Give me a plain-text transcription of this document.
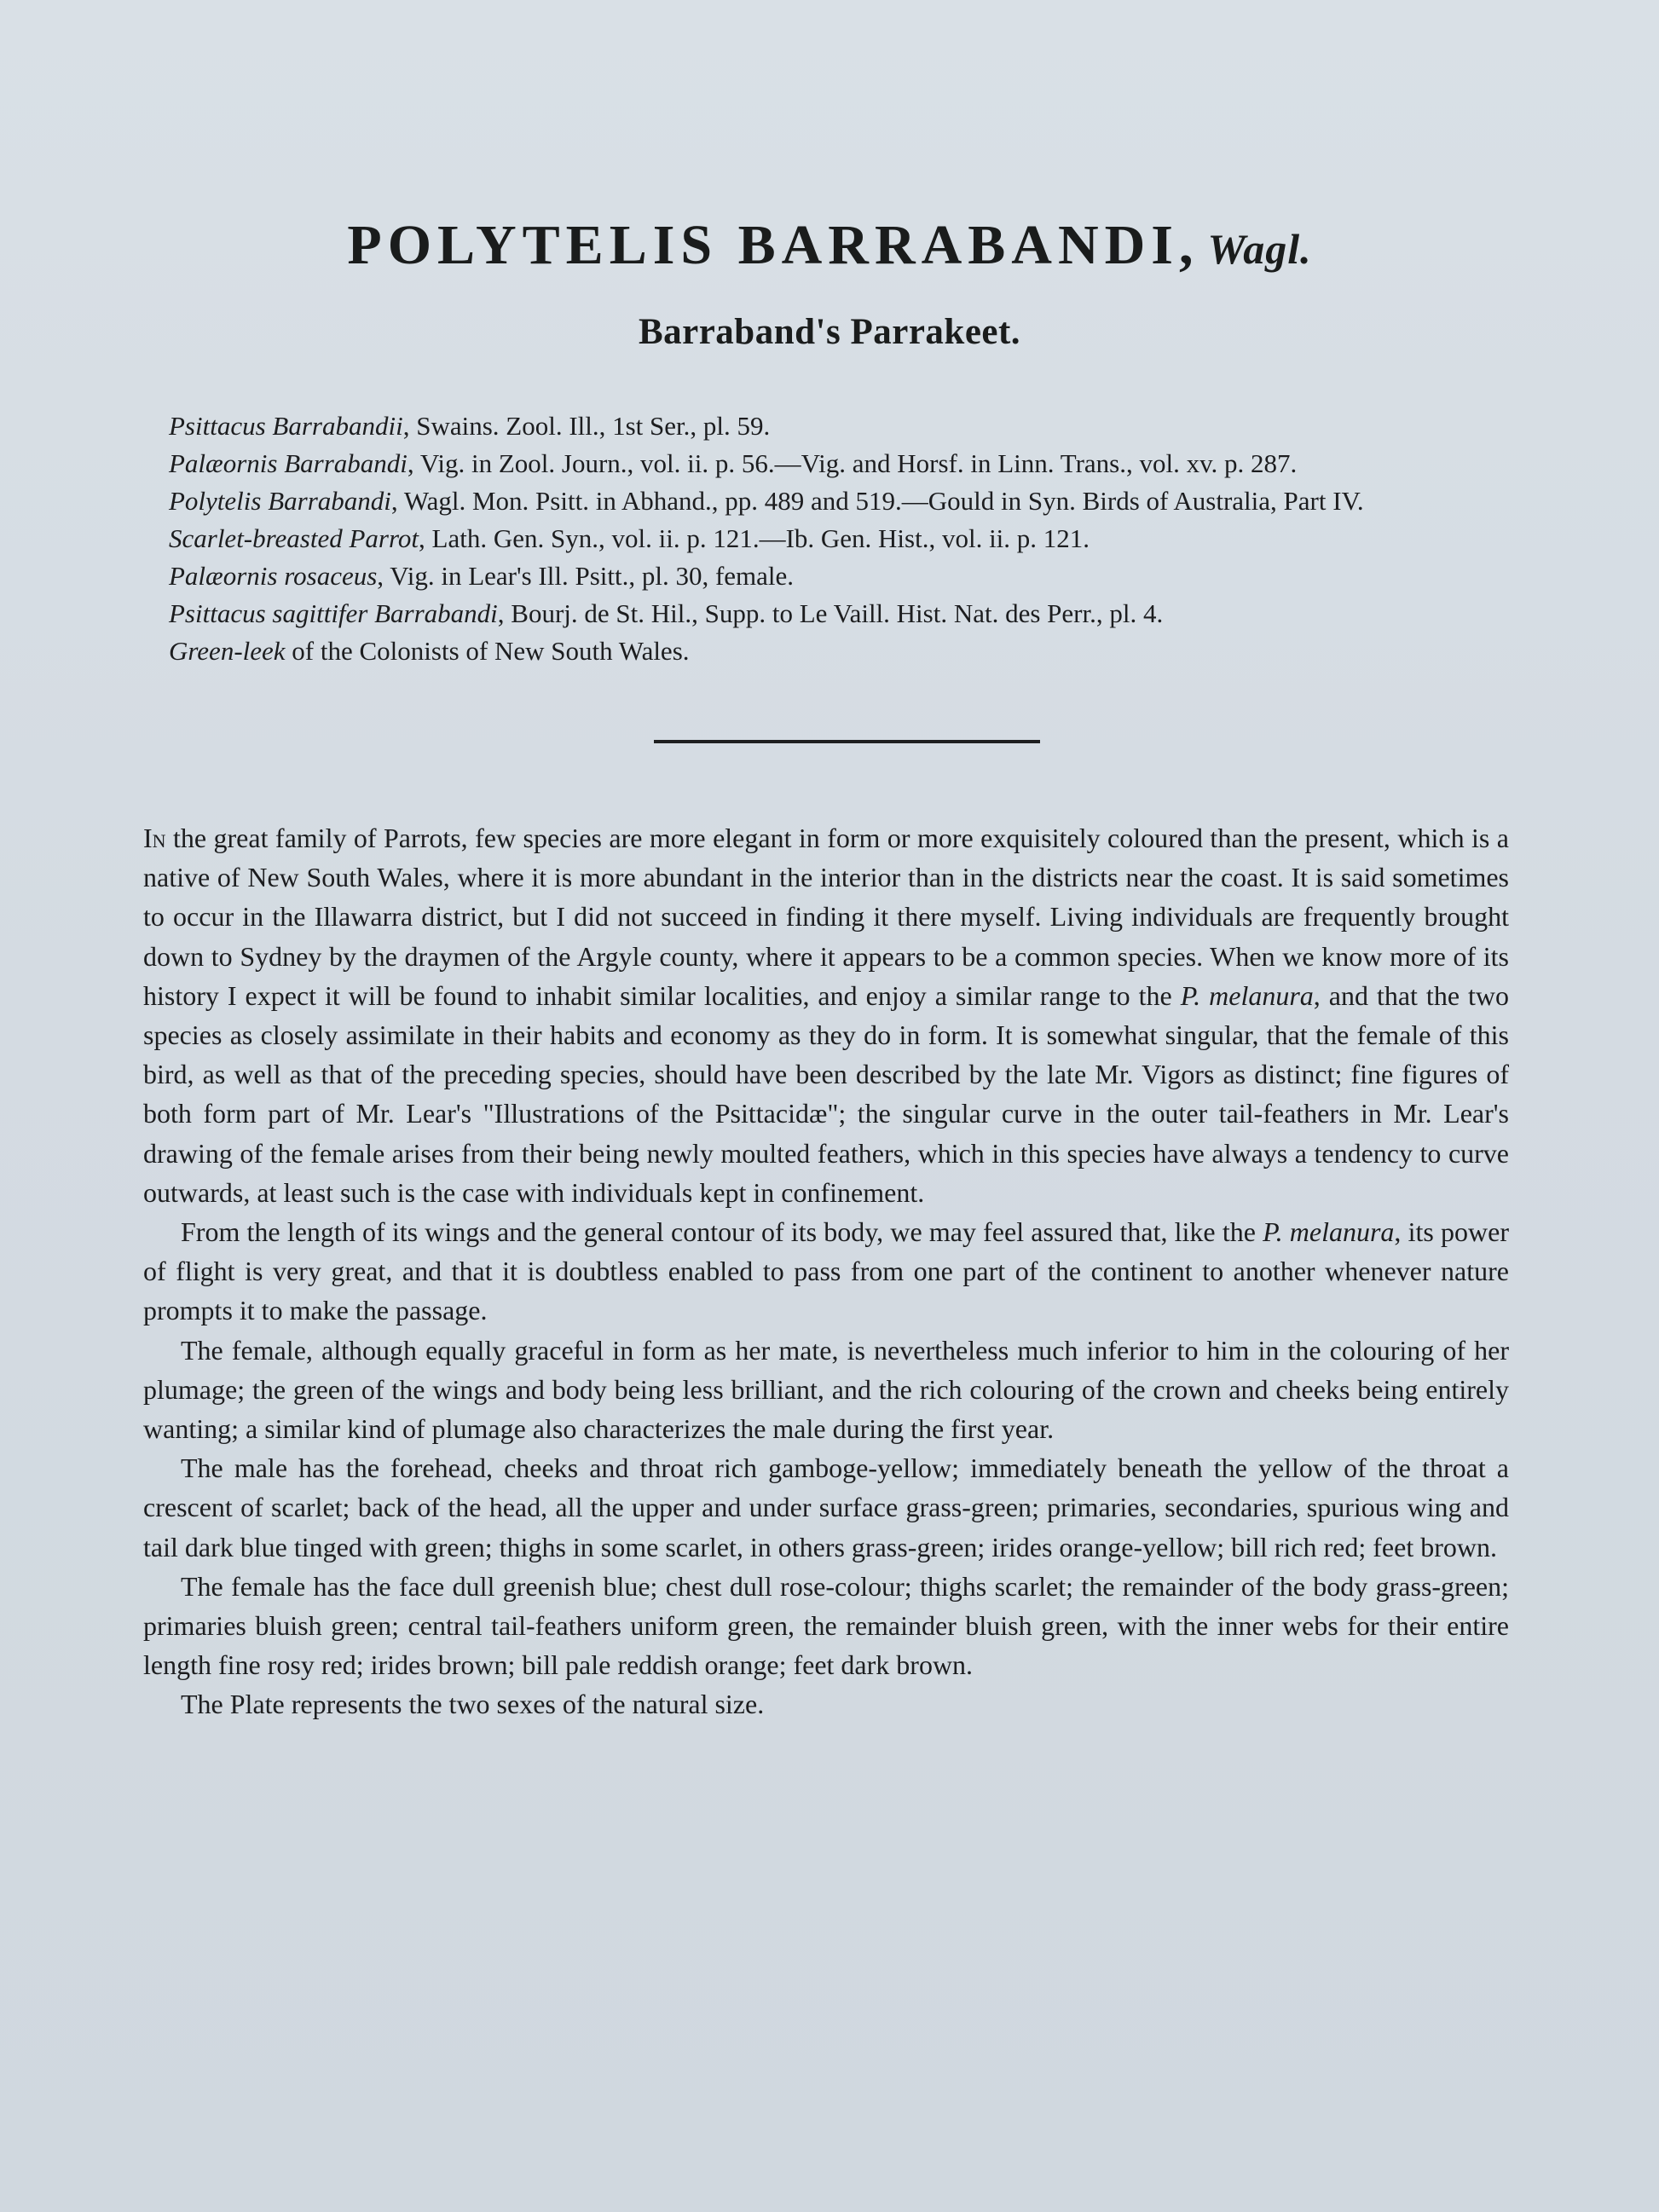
POLYTELIS BARRABANDI, Wagl.
Barraband's Parrakeet.
Psittacus Barrabandii, Swains. Zool. Ill., 1st Ser., pl. 59.
Palæornis Barrabandi, Vig. in Zool. Journ., vol. ii. p. 56.—Vig. and Horsf. in Linn. Trans., vol. xv. p. 287.
Polytelis Barrabandi, Wagl. Mon. Psitt. in Abhand., pp. 489 and 519.—Gould in Syn. Birds of Australia, Part IV.
Scarlet-breasted Parrot, Lath. Gen. Syn., vol. ii. p. 121.—Ib. Gen. Hist., vol. ii. p. 121.
Palæornis rosaceus, Vig. in Lear's Ill. Psitt., pl. 30, female.
Psittacus sagittifer Barrabandi, Bourj. de St. Hil., Supp. to Le Vaill. Hist. Nat. des Perr., pl. 4.
Green-leek of the Colonists of New South Wales.

In the great family of Parrots, few species are more elegant in form or more exquisitely coloured than the present, which is a native of New South Wales, where it is more abundant in the interior than in the districts near the coast. It is said sometimes to occur in the Illawarra district, but I did not succeed in finding it there myself. Living individuals are frequently brought down to Sydney by the draymen of the Argyle county, where it appears to be a common species. When we know more of its history I expect it will be found to inhabit similar localities, and enjoy a similar range to the P. melanura, and that the two species as closely assimilate in their habits and economy as they do in form. It is somewhat singular, that the female of this bird, as well as that of the preceding species, should have been described by the late Mr. Vigors as distinct; fine figures of both form part of Mr. Lear's "Illustrations of the Psittacidæ"; the singular curve in the outer tail-feathers in Mr. Lear's drawing of the female arises from their being newly moulted feathers, which in this species have always a tendency to curve outwards, at least such is the case with individuals kept in confinement.

From the length of its wings and the general contour of its body, we may feel assured that, like the P. melanura, its power of flight is very great, and that it is doubtless enabled to pass from one part of the continent to another whenever nature prompts it to make the passage.

The female, although equally graceful in form as her mate, is nevertheless much inferior to him in the colouring of her plumage; the green of the wings and body being less brilliant, and the rich colouring of the crown and cheeks being entirely wanting; a similar kind of plumage also characterizes the male during the first year.

The male has the forehead, cheeks and throat rich gamboge-yellow; immediately beneath the yellow of the throat a crescent of scarlet; back of the head, all the upper and under surface grass-green; primaries, secondaries, spurious wing and tail dark blue tinged with green; thighs in some scarlet, in others grass-green; irides orange-yellow; bill rich red; feet brown.

The female has the face dull greenish blue; chest dull rose-colour; thighs scarlet; the remainder of the body grass-green; primaries bluish green; central tail-feathers uniform green, the remainder bluish green, with the inner webs for their entire length fine rosy red; irides brown; bill pale reddish orange; feet dark brown.

The Plate represents the two sexes of the natural size.
